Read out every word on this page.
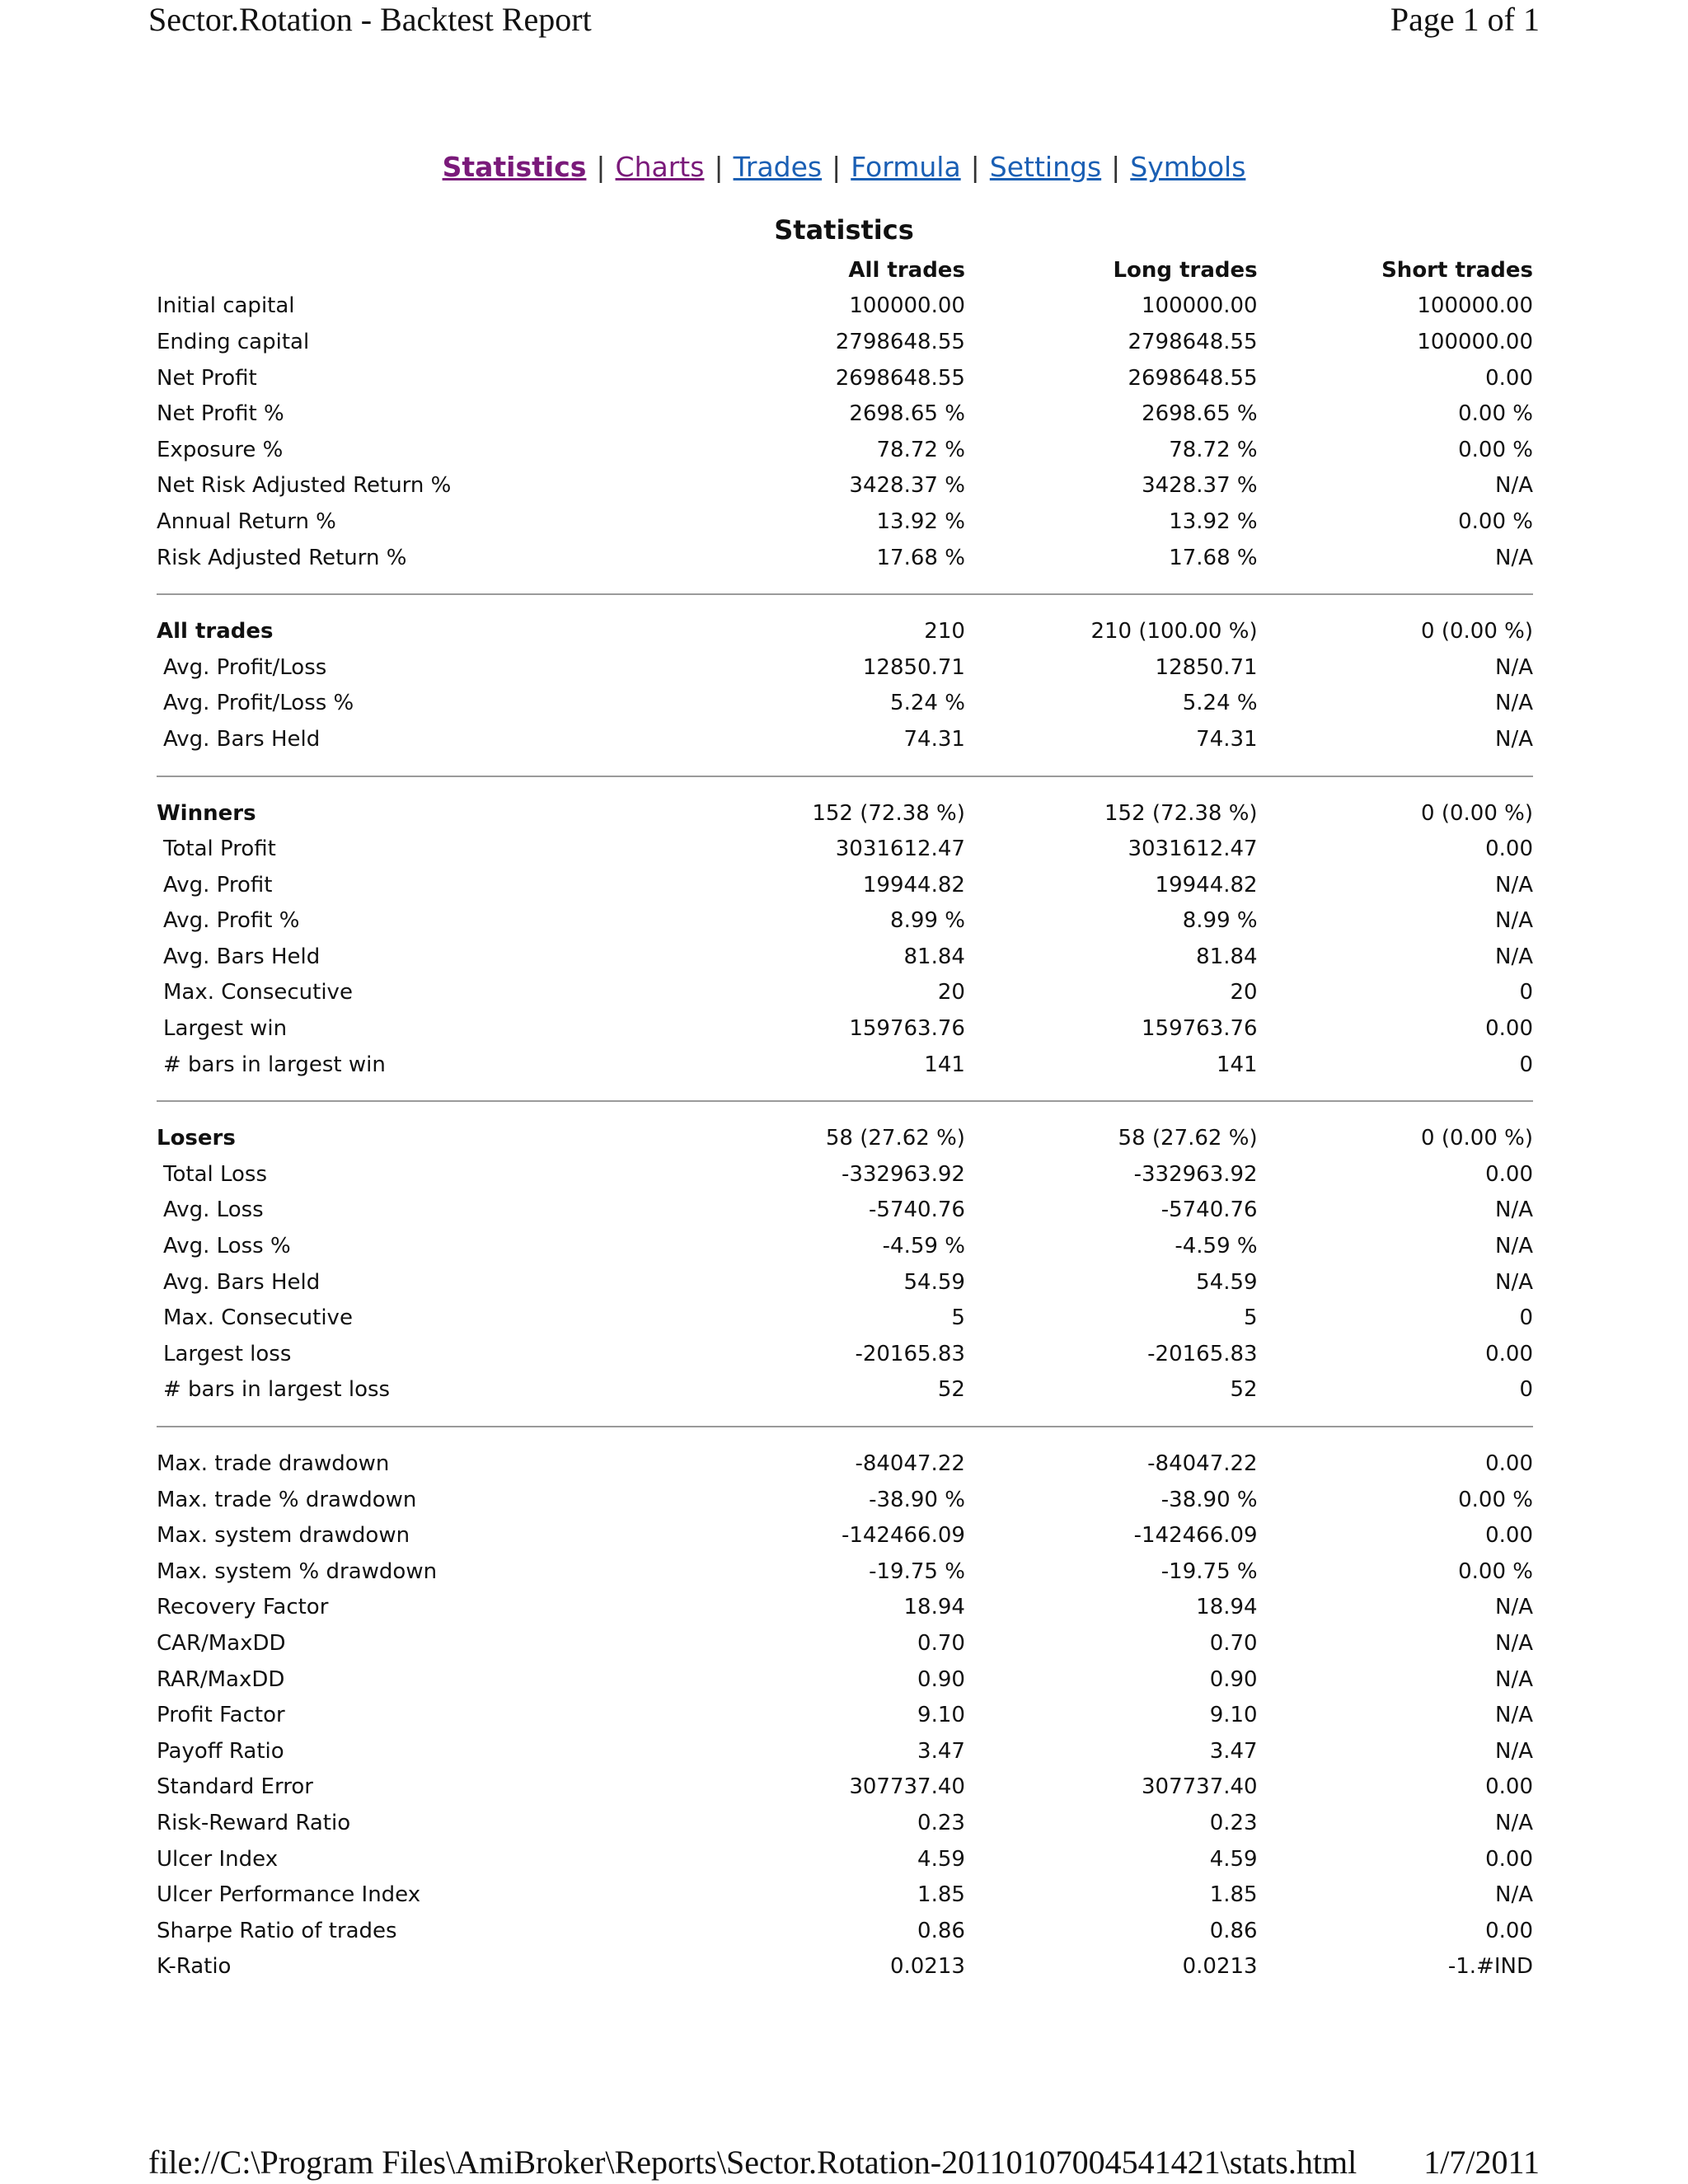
Sector.Rotation - Backtest Report	Page 1 of 1
Statistics | Charts | Trades | Formula | Settings | Symbols
Statistics
	All trades	Long trades	Short trades
Initial capital	100000.00	100000.00	100000.00
Ending capital	2798648.55	2798648.55	100000.00
Net Profit	2698648.55	2698648.55	0.00
Net Profit %	2698.65 %	2698.65 %	0.00 %
Exposure %	78.72 %	78.72 %	0.00 %
Net Risk Adjusted Return %	3428.37 %	3428.37 %	N/A
Annual Return %	13.92 %	13.92 %	0.00 %
Risk Adjusted Return %	17.68 %	17.68 %	N/A

All trades	210	210 (100.00 %)	0 (0.00 %)
Avg. Profit/Loss	12850.71	12850.71	N/A
Avg. Profit/Loss %	5.24 %	5.24 %	N/A
Avg. Bars Held	74.31	74.31	N/A

Winners	152 (72.38 %)	152 (72.38 %)	0 (0.00 %)
Total Profit	3031612.47	3031612.47	0.00
Avg. Profit	19944.82	19944.82	N/A
Avg. Profit %	8.99 %	8.99 %	N/A
Avg. Bars Held	81.84	81.84	N/A
Max. Consecutive	20	20	0
Largest win	159763.76	159763.76	0.00
# bars in largest win	141	141	0

Losers	58 (27.62 %)	58 (27.62 %)	0 (0.00 %)
Total Loss	-332963.92	-332963.92	0.00
Avg. Loss	-5740.76	-5740.76	N/A
Avg. Loss %	-4.59 %	-4.59 %	N/A
Avg. Bars Held	54.59	54.59	N/A
Max. Consecutive	5	5	0
Largest loss	-20165.83	-20165.83	0.00
# bars in largest loss	52	52	0

Max. trade drawdown	-84047.22	-84047.22	0.00
Max. trade % drawdown	-38.90 %	-38.90 %	0.00 %
Max. system drawdown	-142466.09	-142466.09	0.00
Max. system % drawdown	-19.75 %	-19.75 %	0.00 %
Recovery Factor	18.94	18.94	N/A
CAR/MaxDD	0.70	0.70	N/A
RAR/MaxDD	0.90	0.90	N/A
Profit Factor	9.10	9.10	N/A
Payoff Ratio	3.47	3.47	N/A
Standard Error	307737.40	307737.40	0.00
Risk-Reward Ratio	0.23	0.23	N/A
Ulcer Index	4.59	4.59	0.00
Ulcer Performance Index	1.85	1.85	N/A
Sharpe Ratio of trades	0.86	0.86	0.00
K-Ratio	0.0213	0.0213	-1.#IND
file://C:\Program Files\AmiBroker\Reports\Sector.Rotation-20110107004541421\stats.html 1/7/2011
